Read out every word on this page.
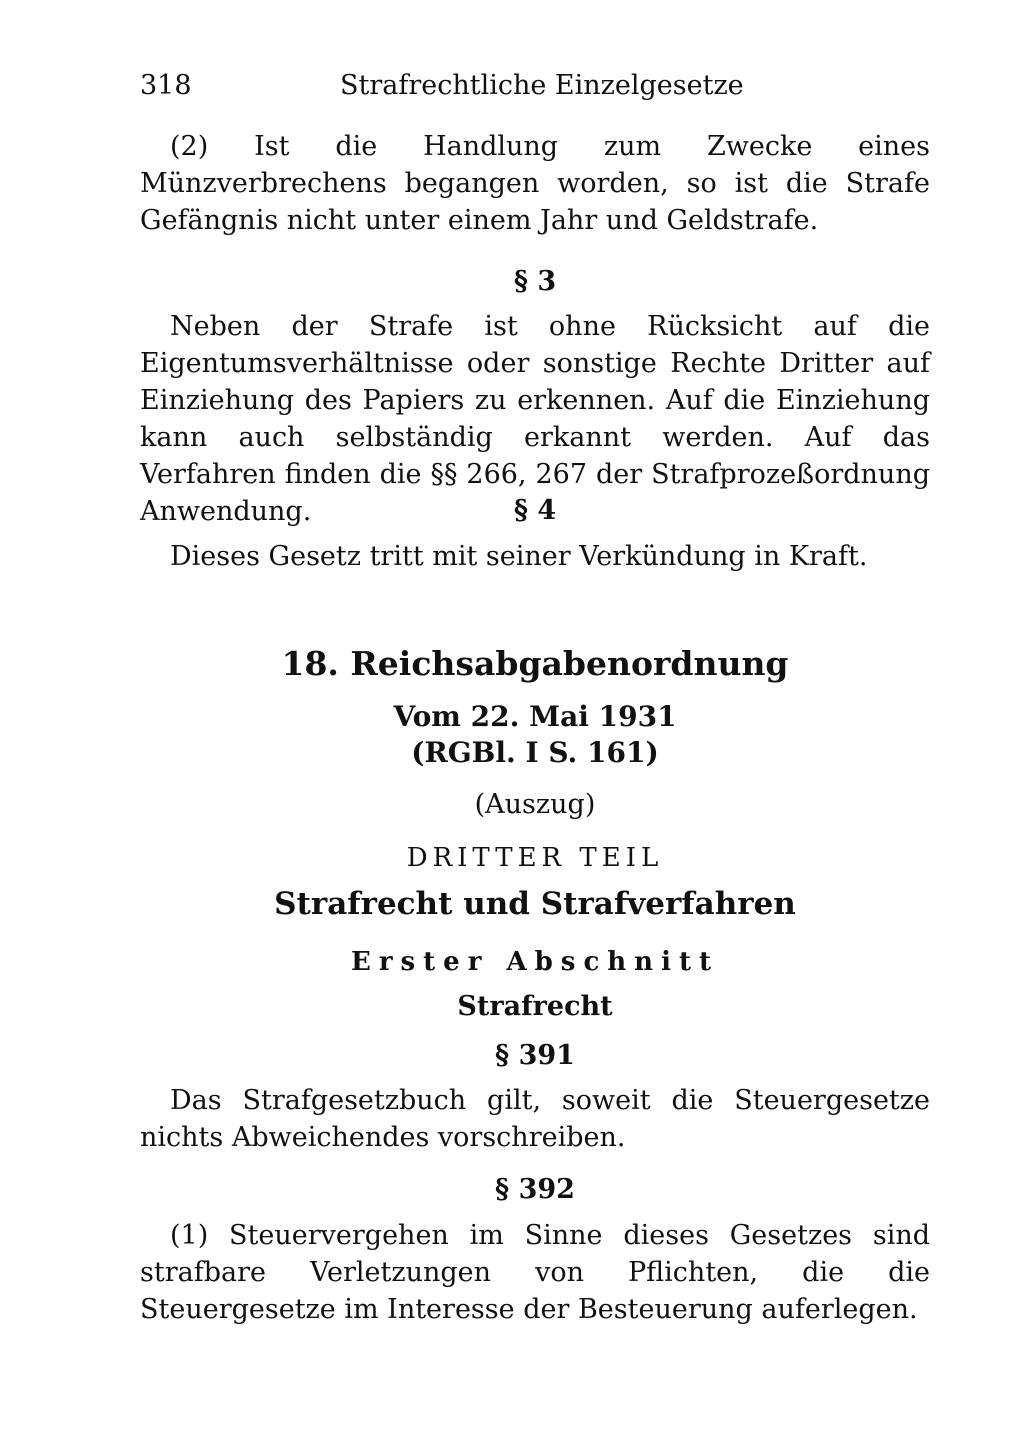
318	Strafrechtliche Einzelgesetze

(2) Ist die Handlung zum Zwecke eines Münzverbrechens begangen worden, so ist die Strafe Gefängnis nicht unter einem Jahr und Geldstrafe.

§ 3

Neben der Strafe ist ohne Rücksicht auf die Eigentumsverhältnisse oder sonstige Rechte Dritter auf Einziehung des Papiers zu erkennen. Auf die Einziehung kann auch selbständig erkannt werden. Auf das Verfahren finden die §§ 266, 267 der Strafprozeßordnung Anwendung.	§ 4

Dieses Gesetz tritt mit seiner Verkündung in Kraft.

18. Reichsabgabenordnung
Vom 22. Mai 1931
(RGBl. I S. 161)
(Auszug)
DRITTER TEIL
Strafrecht und Strafverfahren
Erster Abschnitt
Strafrecht
§ 391

Das Strafgesetzbuch gilt, soweit die Steuergesetze nichts Abweichendes vorschreiben.

§ 392

(1) Steuervergehen im Sinne dieses Gesetzes sind strafbare Verletzungen von Pflichten, die die Steuergesetze im Interesse der Besteuerung auferlegen.
